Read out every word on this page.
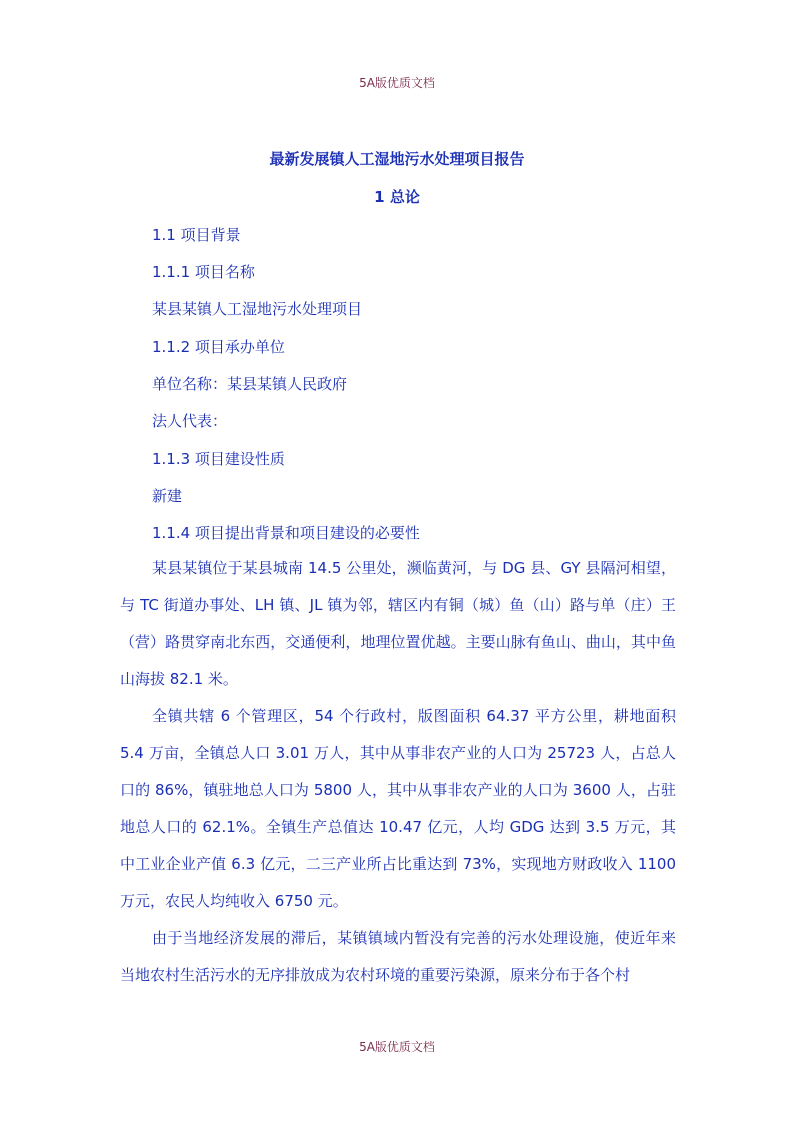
5A版优质文档
最新发展镇人工湿地污水处理项目报告
1 总论
1.1 项目背景
1.1.1 项目名称
某县某镇人工湿地污水处理项目
1.1.2 项目承办单位
单位名称：某县某镇人民政府
法人代表：
1.1.3 项目建设性质
新建
1.1.4 项目提出背景和项目建设的必要性

某县某镇位于某县城南 14.5 公里处，濒临黄河，与 DG 县、GY 县隔河相望，与 TC 街道办事处、LH 镇、JL 镇为邻，辖区内有铜（城）鱼（山）路与单（庄）王（营）路贯穿南北东西，交通便利，地理位置优越。主要山脉有鱼山、曲山，其中鱼山海拔 82.1 米。

全镇共辖 6 个管理区，54 个行政村，版图面积 64.37 平方公里，耕地面积 5.4 万亩，全镇总人口 3.01 万人，其中从事非农产业的人口为 25723 人，占总人口的 86%，镇驻地总人口为 5800 人，其中从事非农产业的人口为 3600 人，占驻地总人口的 62.1%。全镇生产总值达 10.47 亿元，人均 GDG 达到 3.5 万元，其中工业企业产值 6.3 亿元，二三产业所占比重达到 73%，实现地方财政收入 1100 万元，农民人均纯收入 6750 元。

由于当地经济发展的滞后，某镇镇域内暂没有完善的污水处理设施，使近年来当地农村生活污水的无序排放成为农村环境的重要污染源，原来分布于各个村

5A版优质文档
